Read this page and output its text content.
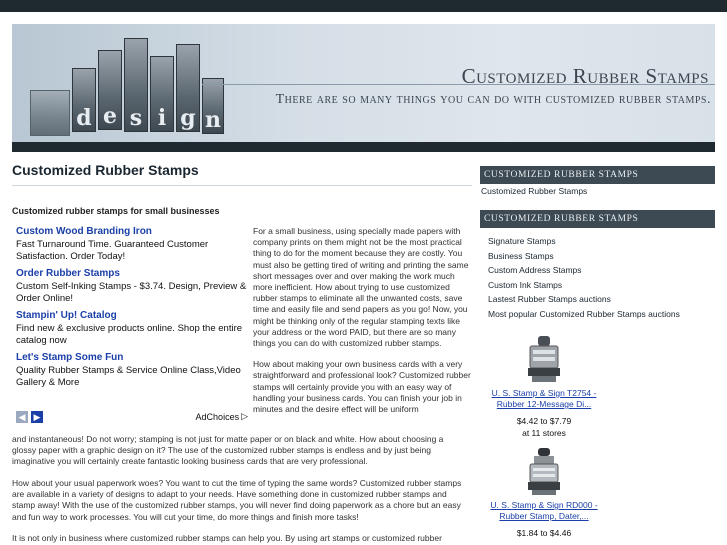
d e s i g n
Customized Rubber Stamps
There are so many things you can do with customized rubber stamps.
Customized Rubber Stamps
Customized rubber stamps for small businesses
Custom Wood Branding Iron
Fast Turnaround Time. Guaranteed Customer Satisfaction. Order Today!
Order Rubber Stamps
Custom Self-Inking Stamps - $3.74. Design, Preview & Order Online!
Stampin' Up! Catalog
Find new & exclusive products online. Shop the entire catalog now
Let's Stamp Some Fun
Quality Rubber Stamps & Service Online Class,Video Gallery & More
◀ ▶	AdChoices ▷

For a small business, using specially made papers with company prints on them might not be the most practical thing to do for the moment because they are costly. You must also be getting tired of writing and printing the same short messages over and over making the work much more inefficient. How about trying to use customized rubber stamps to eliminate all the unwanted costs, save time and easily file and send papers as you go! Now, you might be thinking only of the regular stamping texts like your address or the word PAID, but there are so many things you can do with customized rubber stamps.

How about making your own business cards with a very straightforward and professional look? Customized rubber stamps will certainly provide you with an easy way of handling your business cards. You can finish your job in minutes and the desire effect will be uniform

and instantaneous! Do not worry; stamping is not just for matte paper or on black and white. How about choosing a glossy paper with a graphic design on it? The use of the customized rubber stamps is endless and by just being imaginative you will certainly create fantastic looking business cards that are very professional.

How about your usual paperwork woes? You want to cut the time of typing the same words? Customized rubber stamps are available in a variety of designs to adapt to your needs. Have something done in customized rubber stamps and stamp away! With the use of the customized rubber stamps, you will never find doing paperwork as a chore but an easy and fun way to work processes. You will cut your time, do more things and finish more tasks!

It is not only in business where customized rubber stamps can help you. By using art stamps or customized rubber

CUSTOMIZED RUBBER STAMPS
Customized Rubber Stamps
CUSTOMIZED RUBBER STAMPS
Signature Stamps
Business Stamps
Custom Address Stamps
Custom Ink Stamps
Lastest Rubber Stamps auctions
Most popular Customized Rubber Stamps auctions
U. S. Stamp & Sign T2754 -
Rubber 12-Message Di...
$4.42 to $7.79
at 11 stores
U. S. Stamp & Sign RD000 -
Rubber Stamp, Dater,...
$1.84 to $4.46
